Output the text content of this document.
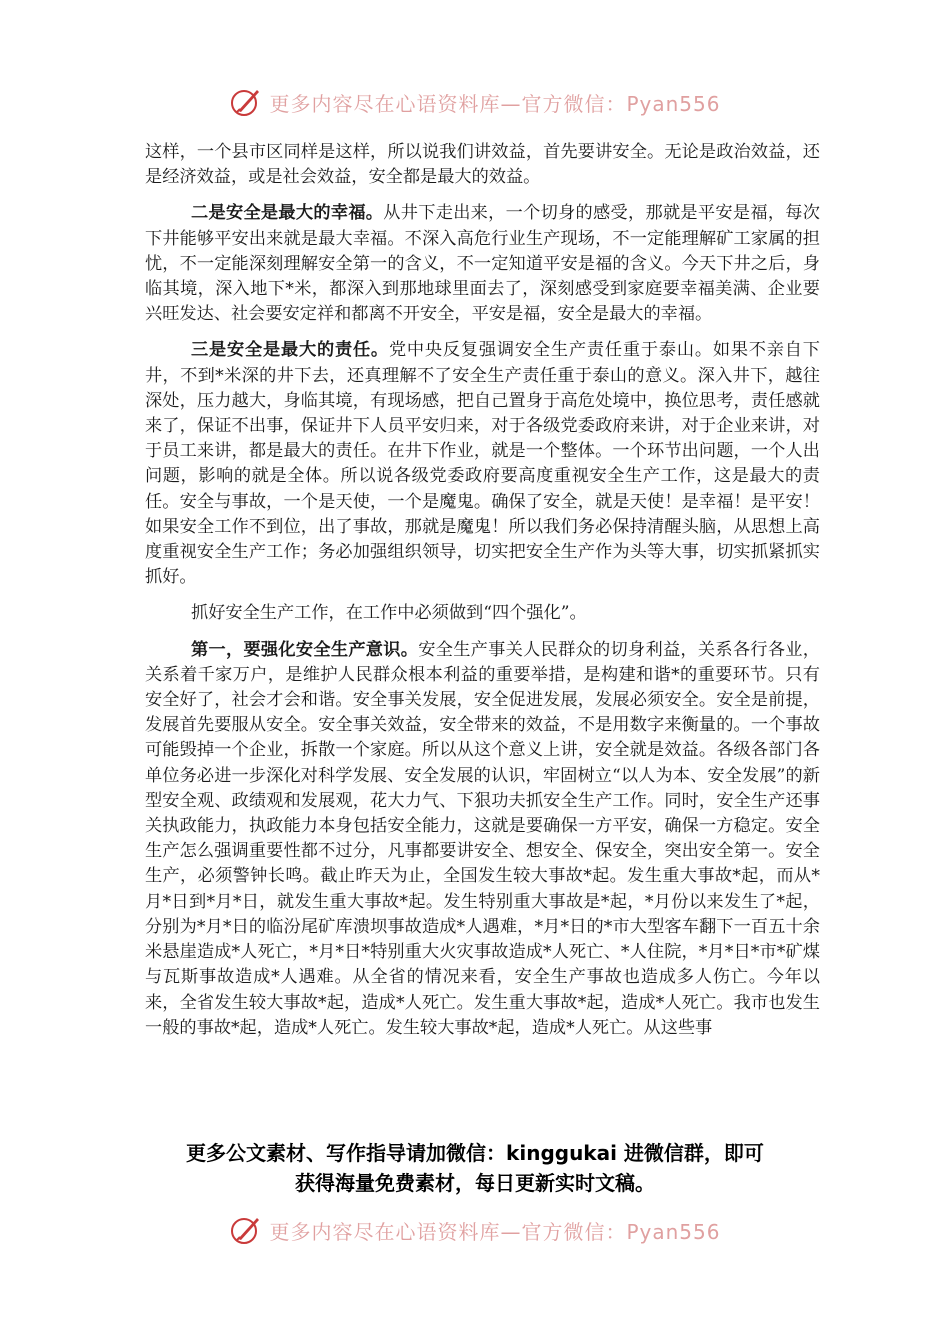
更多内容尽在心语资料库—官方微信：Pyan556

这样，一个县市区同样是这样，所以说我们讲效益，首先要讲安全。无论是政治效益，还是经济效益，或是社会效益，安全都是最大的效益。

二是安全是最大的幸福。从井下走出来，一个切身的感受，那就是平安是福，每次下井能够平安出来就是最大幸福。不深入高危行业生产现场，不一定能理解矿工家属的担忧，不一定能深刻理解安全第一的含义，不一定知道平安是福的含义。今天下井之后，身临其境，深入地下*米，都深入到那地球里面去了，深刻感受到家庭要幸福美满、企业要兴旺发达、社会要安定祥和都离不开安全，平安是福，安全是最大的幸福。

三是安全是最大的责任。党中央反复强调安全生产责任重于泰山。如果不亲自下井，不到*米深的井下去，还真理解不了安全生产责任重于泰山的意义。深入井下，越往深处，压力越大，身临其境，有现场感，把自己置身于高危处境中，换位思考，责任感就来了，保证不出事，保证井下人员平安归来，对于各级党委政府来讲，对于企业来讲，对于员工来讲，都是最大的责任。在井下作业，就是一个整体。一个环节出问题，一个人出问题，影响的就是全体。所以说各级党委政府要高度重视安全生产工作，这是最大的责任。安全与事故，一个是天使，一个是魔鬼。确保了安全，就是天使！是幸福！是平安！如果安全工作不到位，出了事故，那就是魔鬼！所以我们务必保持清醒头脑，从思想上高度重视安全生产工作；务必加强组织领导，切实把安全生产作为头等大事，切实抓紧抓实抓好。

抓好安全生产工作，在工作中必须做到“四个强化”。

第一，要强化安全生产意识。安全生产事关人民群众的切身利益，关系各行各业，关系着千家万户，是维护人民群众根本利益的重要举措，是构建和谐*的重要环节。只有安全好了，社会才会和谐。安全事关发展，安全促进发展，发展必须安全。安全是前提，发展首先要服从安全。安全事关效益，安全带来的效益，不是用数字来衡量的。一个事故可能毁掉一个企业，拆散一个家庭。所以从这个意义上讲，安全就是效益。各级各部门各单位务必进一步深化对科学发展、安全发展的认识，牢固树立“以人为本、安全发展”的新型安全观、政绩观和发展观，花大力气、下狠功夫抓安全生产工作。同时，安全生产还事关执政能力，执政能力本身包括安全能力，这就是要确保一方平安，确保一方稳定。安全生产怎么强调重要性都不过分，凡事都要讲安全、想安全、保安全，突出安全第一。安全生产，必须警钟长鸣。截止昨天为止，全国发生较大事故*起。发生重大事故*起，而从*月*日到*月*日，就发生重大事故*起。发生特别重大事故是*起，*月份以来发生了*起，分别为*月*日的临汾尾矿库溃坝事故造成*人遇难，*月*日的*市大型客车翻下一百五十余米悬崖造成*人死亡，*月*日*特别重大火灾事故造成*人死亡、*人住院，*月*日*市*矿煤与瓦斯事故造成*人遇难。从全省的情况来看，安全生产事故也造成多人伤亡。今年以来，全省发生较大事故*起，造成*人死亡。发生重大事故*起，造成*人死亡。我市也发生一般的事故*起，造成*人死亡。发生较大事故*起，造成*人死亡。从这些事

更多公文素材、写作指导请加微信：kinggukai 进微信群，即可
获得海量免费素材，每日更新实时文稿。
更多内容尽在心语资料库—官方微信：Pyan556
